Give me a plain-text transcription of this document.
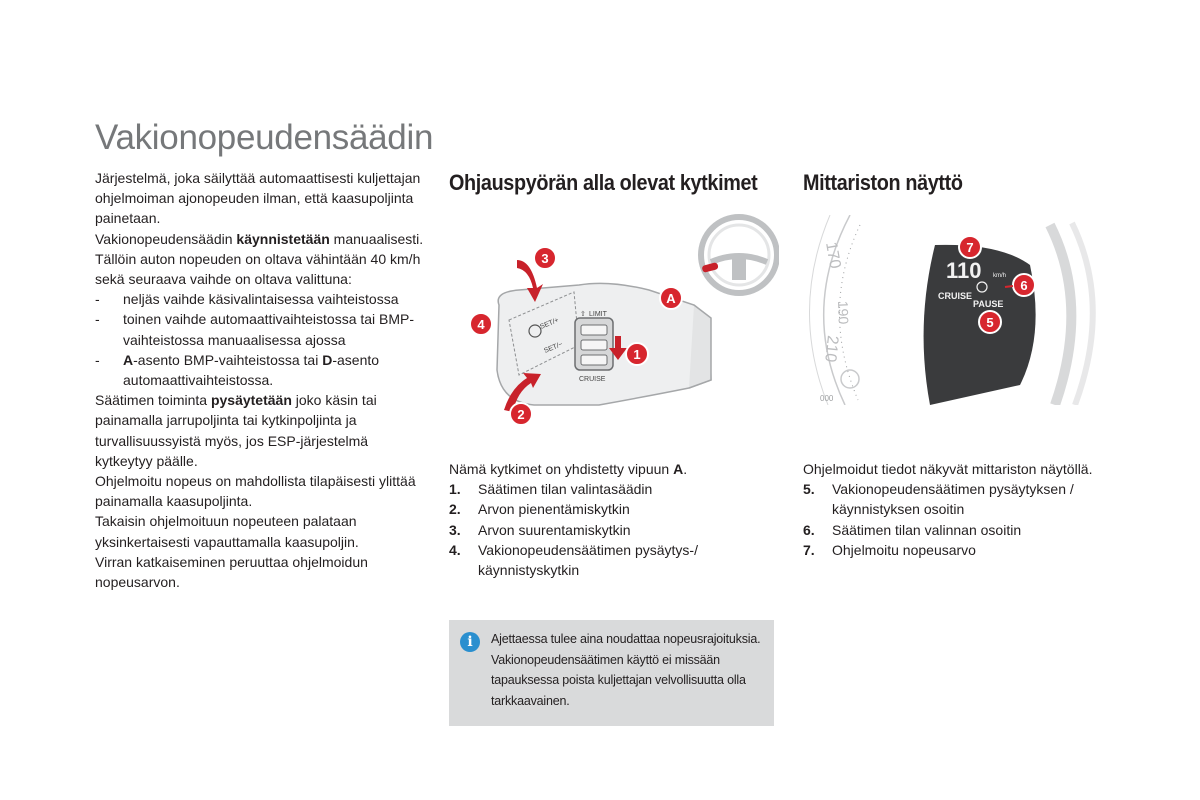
Vakionopeudensäädin

Järjestelmä, joka säilyttää automaattisesti kuljettajan ohjelmoiman ajonopeuden ilman, että kaasupoljinta painetaan.

Vakionopeudensäädin käynnistetään manuaalisesti. Tällöin auton nopeuden on oltava vähintään 40 km/h sekä seuraava vaihde on oltava valittuna:

- neljäs vaihde käsivalintaisessa vaihteistossa
- toinen vaihde automaattivaihteistossa tai BMP-vaihteistossa manuaalisessa ajossa
- A-asento BMP-vaihteistossa tai D-asento automaattivaihteistossa.

Säätimen toiminta pysäytetään joko käsin tai painamalla jarrupoljinta tai kytkinpoljinta ja turvallisuussyistä myös, jos ESP-järjestelmä kytkeytyy päälle.

Ohjelmoitu nopeus on mahdollista tilapäisesti ylittää painamalla kaasupoljinta.

Takaisin ohjelmoituun nopeuteen palataan yksinkertaisesti vapauttamalla kaasupoljin.

Virran katkaiseminen peruuttaa ohjelmoidun nopeusarvon.

Ohjauspyörän alla olevat kytkimet
SET/+
SET/−
LIMIT
⇧
CRUISE
3
A
4
1
2

Nämä kytkimet on yhdistetty vipuun A.

1. Säätimen tilan valintasäädin
2. Arvon pienentämiskytkin
3. Arvon suurentamiskytkin
4. Vakionopeudensäätimen pysäytys-/ käynnistyskytkin
i	Ajettaessa tulee aina noudattaa nopeusrajoituksia. Vakionopeudensäätimen käyttö ei missään tapauksessa poista kuljettajan velvollisuutta olla tarkkaavainen.
Mittariston näyttö
170
190
210
000
110 km/h
CRUISE
PAUSE
7
6
5

Ohjelmoidut tiedot näkyvät mittariston näytöllä.

5. Vakionopeudensäätimen pysäytyksen / käynnistyksen osoitin
6. Säätimen tilan valinnan osoitin
7. Ohjelmoitu nopeusarvo
